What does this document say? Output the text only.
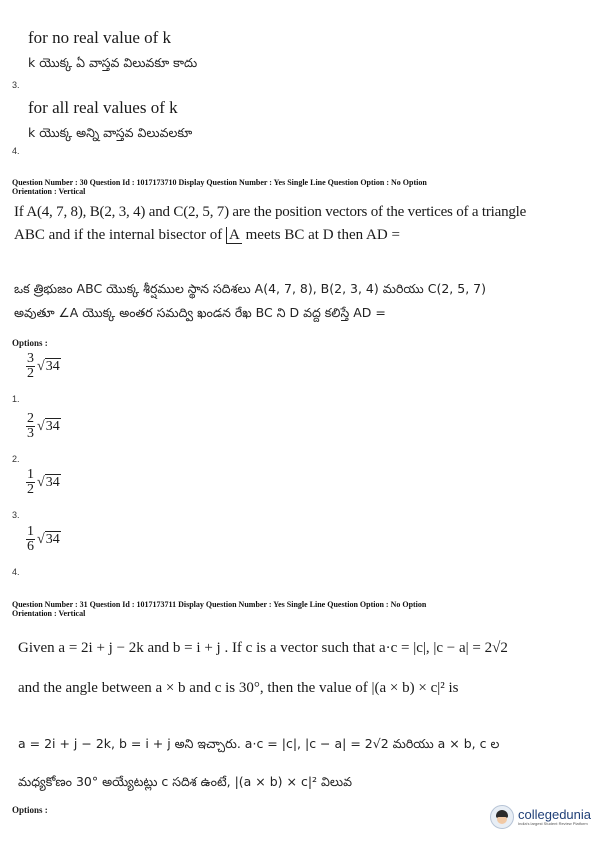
for no real value of k
k యొక్క ఏ వాస్తవ విలువకూ కాదు
3.
for all real values of k
k యొక్క అన్ని వాస్తవ విలువలకూ
4.
Question Number : 30 Question Id : 1017173710 Display Question Number : Yes Single Line Question Option : No Option
Orientation : Vertical
If A(4, 7, 8), B(2, 3, 4) and C(2, 5, 7) are the position vectors of the vertices of a triangle
ABC and if the internal bisector of A meets BC at D then AD =
ఒక త్రిభుజం ABC యొక్క శీర్షముల స్థాన సదిశలు A(4, 7, 8), B(2, 3, 4) మరియు C(2, 5, 7)
అవుతూ ∠A యొక్క అంతర సమద్వి ఖండన రేఖ BC ని D వద్ద కలిస్తే AD =
Options :
$\frac{3}{2} √34$
1.
$\frac{2}{3} √34$
2.
$\frac{1}{2} √34$
3.
$\frac{1}{6} √34$
4.
Question Number : 31 Question Id : 1017173711 Display Question Number : Yes Single Line Question Option : No Option
Orientation : Vertical
Given a = 2i + j − 2k and b = i + j . If c is a vector such that a·c = |c|, |c − a| = 2√2
and the angle between a × b and c is 30°, then the value of |(a × b) × c|² is
a = 2i + j − 2k, b = i + j అని ఇచ్చారు. a·c = |c|, |c − a| = 2√2 మరియు a × b, c ల
మధ్యకోణం 30° అయ్యేటట్లు c సదిశ ఉంటే, |(a × b) × c|² విలువ
Options :	collegedunia
India's largest Student Review Platform
